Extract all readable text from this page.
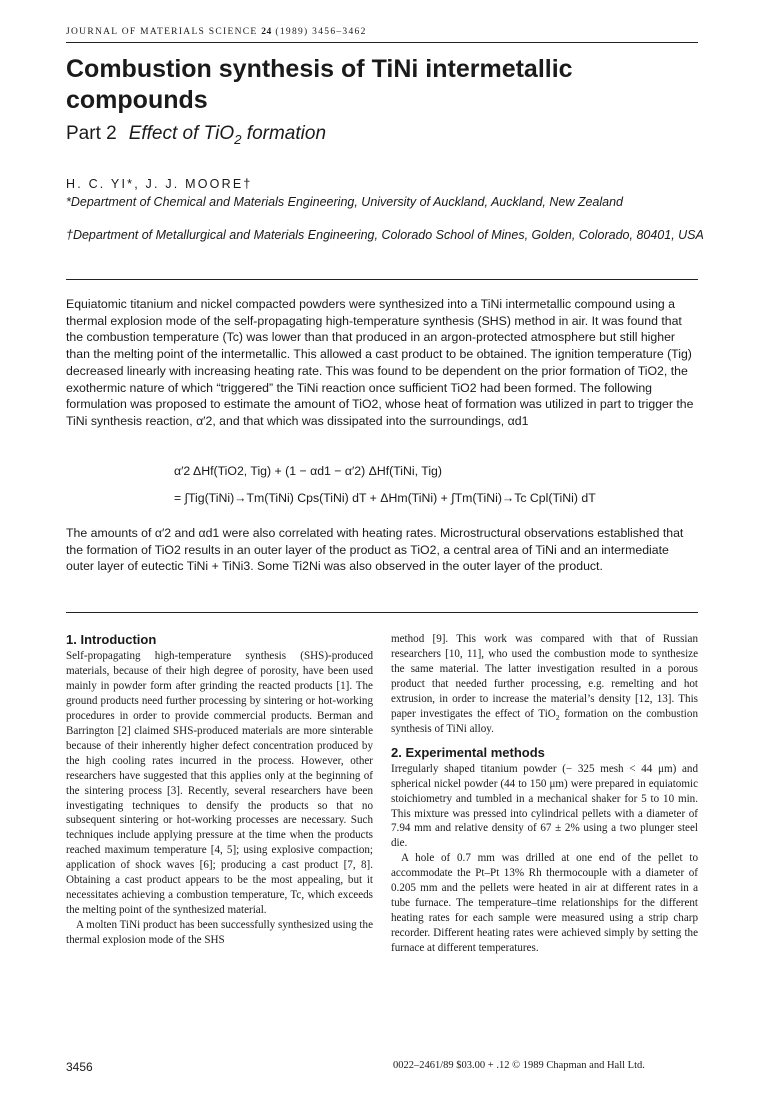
JOURNAL OF MATERIALS SCIENCE 24 (1989) 3456–3462
Combustion synthesis of TiNi intermetallic compounds
Part 2 Effect of TiO$_2$ formation
H. C. YI*, J. J. MOORE†
*Department of Chemical and Materials Engineering, University of Auckland, Auckland, New Zealand
†Department of Metallurgical and Materials Engineering, Colorado School of Mines, Golden, Colorado, 80401, USA
Equiatomic titanium and nickel compacted powders were synthesized into a TiNi intermetallic compound using a thermal explosion mode of the self-propagating high-temperature synthesis (SHS) method in air. It was found that the combustion temperature (Tc) was lower than that produced in an argon-protected atmosphere but still higher than the melting point of the intermetallic. This allowed a cast product to be obtained. The ignition temperature (Tig) decreased linearly with increasing heating rate. This was found to be dependent on the prior formation of TiO2, the exothermic nature of which “triggered” the TiNi reaction once sufficient TiO2 had been formed. The following formulation was proposed to estimate the amount of TiO2, whose heat of formation was utilized in part to trigger the TiNi synthesis reaction, α′2, and that which was dissipated into the surroundings, αd1
α′2 ΔHf(TiO2, Tig) + (1 − αd1 − α′2) ΔHf(TiNi, Tig)
= ∫Tig(TiNi)→Tm(TiNi) Cps(TiNi) dT + ΔHm(TiNi) + ∫Tm(TiNi)→Tc Cpl(TiNi) dT
The amounts of α′2 and αd1 were also correlated with heating rates. Microstructural observations established that the formation of TiO2 results in an outer layer of the product as TiO2, a central area of TiNi and an intermediate outer layer of eutectic TiNi + TiNi3. Some Ti2Ni was also observed in the outer layer of the product.
1. Introduction

Self-propagating high-temperature synthesis (SHS)-produced materials, because of their high degree of porosity, have been used mainly in powder form after grinding the reacted products [1]. The ground products need further processing by sintering or hot-working procedures in order to provide commercial products. Berman and Barrington [2] claimed SHS-produced materials are more sinterable because of their inherently higher defect concentration produced by the high cooling rates incurred in the process. However, other researchers have suggested that this applies only at the beginning of the sintering process [3]. Recently, several researchers have been investigating techniques to densify the products so that no subsequent sintering or hot-working processes are necessary. Such techniques include applying pressure at the time when the products reached maximum temperature [4, 5]; using explosive compaction; application of shock waves [6]; producing a cast product [7, 8]. Obtaining a cast product appears to be the most appealing, but it necessitates achieving a combustion temperature, Tc, which exceeds the melting point of the synthesized material.

A molten TiNi product has been successfully synthesized using the thermal explosion mode of the SHS

method [9]. This work was compared with that of Russian researchers [10, 11], who used the combustion mode to synthesize the same material. The latter investigation resulted in a porous product that needed further processing, e.g. remelting and hot extrusion, in order to increase the material’s density [12, 13]. This paper investigates the effect of TiO$_2$ formation on the combustion synthesis of TiNi alloy.

2. Experimental methods

Irregularly shaped titanium powder (− 325 mesh < 44 μm) and spherical nickel powder (44 to 150 μm) were prepared in equiatomic stoichiometry and tumbled in a mechanical shaker for 5 to 10 min. This mixture was pressed into cylindrical pellets with a diameter of 7.94 mm and relative density of 67 ± 2% using a two plunger steel die.

A hole of 0.7 mm was drilled at one end of the pellet to accommodate the Pt–Pt 13% Rh thermocouple with a diameter of 0.205 mm and the pellets were heated in air at different rates in a tube furnace. The temperature–time relationships for the different heating rates for each sample were measured using a strip charp recorder. Different heating rates were achieved simply by setting the furnace at different temperatures.

3456	0022–2461/89 $03.00 + .12 © 1989 Chapman and Hall Ltd.
